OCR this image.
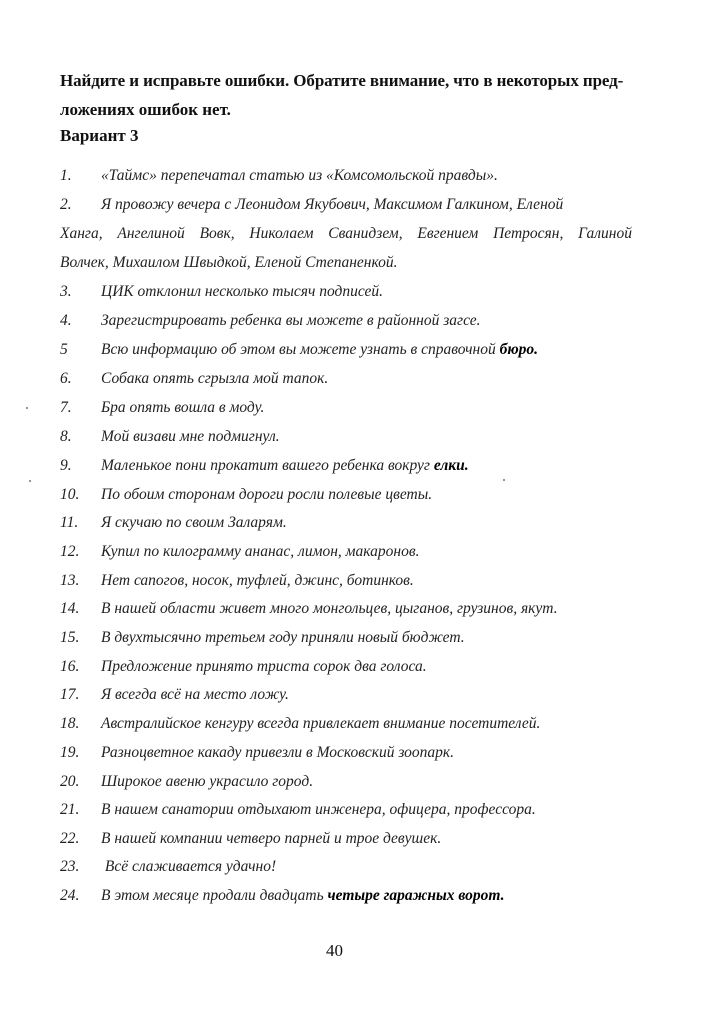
Найдите и исправьте ошибки. Обратите внимание, что в некоторых пред-
ложениях ошибок нет.
Вариант 3
1. «Таймс» перепечатал статью из «Комсомольской правды».
2. Я провожу вечера с Леонидом Якубович, Максимом Галкином, Еленой
Ханга, Ангелиной Вовк, Николаем Сванидзем, Евгением Петросян, Галиной
Волчек, Михаилом Швыдкой, Еленой Степаненкой.
3. ЦИК отклонил несколько тысяч подписей.
4. Зарегистрировать ребенка вы можете в районной загсе.
5 Всю информацию об этом вы можете узнать в справочной бюро.
6. Собака опять сгрызла мой тапок.
7. Бра опять вошла в моду.
8. Мой визави мне подмигнул.
9. Маленькое пони прокатит вашего ребенка вокруг елки.
10. По обоим сторонам дороги росли полевые цветы.
11. Я скучаю по своим Заларям.
12. Купил по килограмму ананас, лимон, макаронов.
13. Нет сапогов, носок, туфлей, джинс, ботинков.
14. В нашей области живет много монгольцев, цыганов, грузинов, якут.
15. В двухтысячно третьем году приняли новый бюджет.
16. Предложение принято триста сорок два голоса.
17. Я всегда всё на место ложу.
18. Австралийское кенгуру всегда привлекает внимание посетителей.
19. Разноцветное какаду привезли в Московский зоопарк.
20. Широкое авеню украсило город.
21. В нашем санатории отдыхают инженера, офицера, профессора.
22. В нашей компании четверо парней и трое девушек.
23. Всё слаживается удачно!
24. В этом месяце продали двадцать четыре гаражных ворот.
40
